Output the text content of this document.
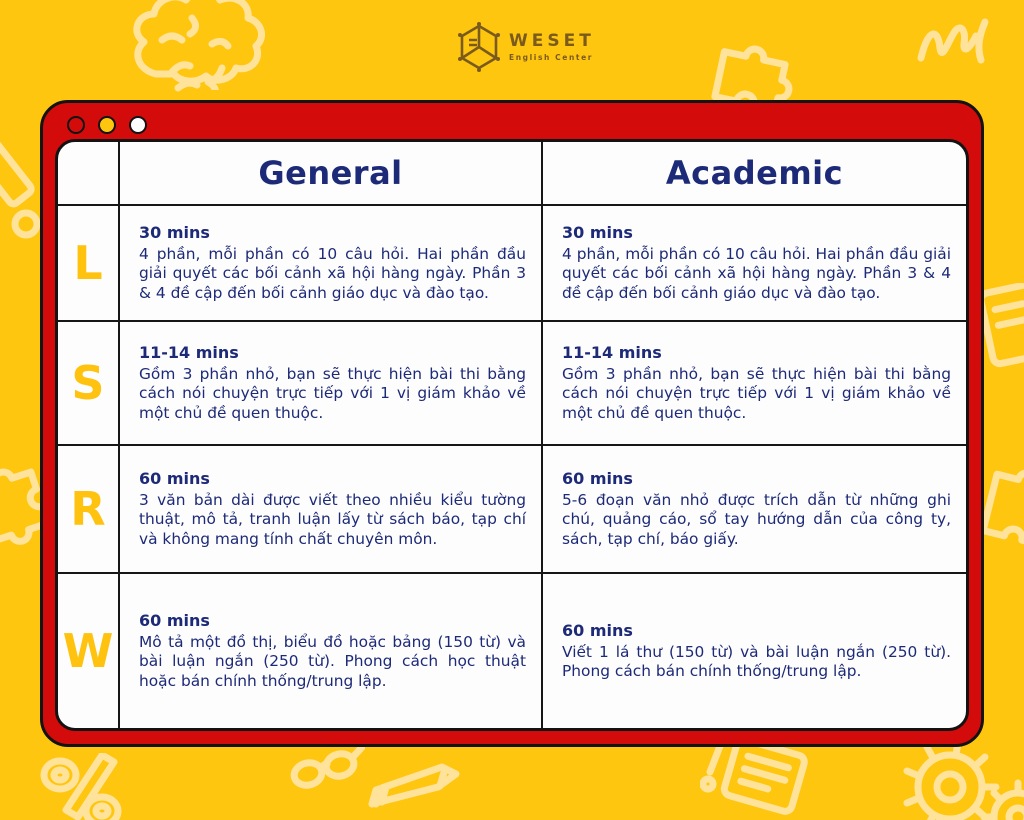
WESET
English Center
General	Academic
L
30 mins
4 phần, mỗi phần có 10 câu hỏi. Hai phần đầu giải quyết các bối cảnh xã hội hàng ngày. Phần 3 & 4 đề cập đến bối cảnh giáo dục và đào tạo.
30 mins
4 phần, mỗi phần có 10 câu hỏi. Hai phần đầu giải quyết các bối cảnh xã hội hàng ngày. Phần 3 & 4 đề cập đến bối cảnh giáo dục và đào tạo.
S
11-14 mins
Gồm 3 phần nhỏ, bạn sẽ thực hiện bài thi bằng cách nói chuyện trực tiếp với 1 vị giám khảo về một chủ đề quen thuộc.
11-14 mins
Gồm 3 phần nhỏ, bạn sẽ thực hiện bài thi bằng cách nói chuyện trực tiếp với 1 vị giám khảo về một chủ đề quen thuộc.
R
60 mins
3 văn bản dài được viết theo nhiều kiểu tường thuật, mô tả, tranh luận lấy từ sách báo, tạp chí và không mang tính chất chuyên môn.
60 mins
5-6 đoạn văn nhỏ được trích dẫn từ những ghi chú, quảng cáo, sổ tay hướng dẫn của công ty, sách, tạp chí, báo giấy.
W
60 mins
Mô tả một đồ thị, biểu đồ hoặc bảng (150 từ) và bài luận ngắn (250 từ). Phong cách học thuật hoặc bán chính thống/trung lập.
60 mins
Viết 1 lá thư (150 từ) và bài luận ngắn (250 từ). Phong cách bán chính thống/trung lập.
